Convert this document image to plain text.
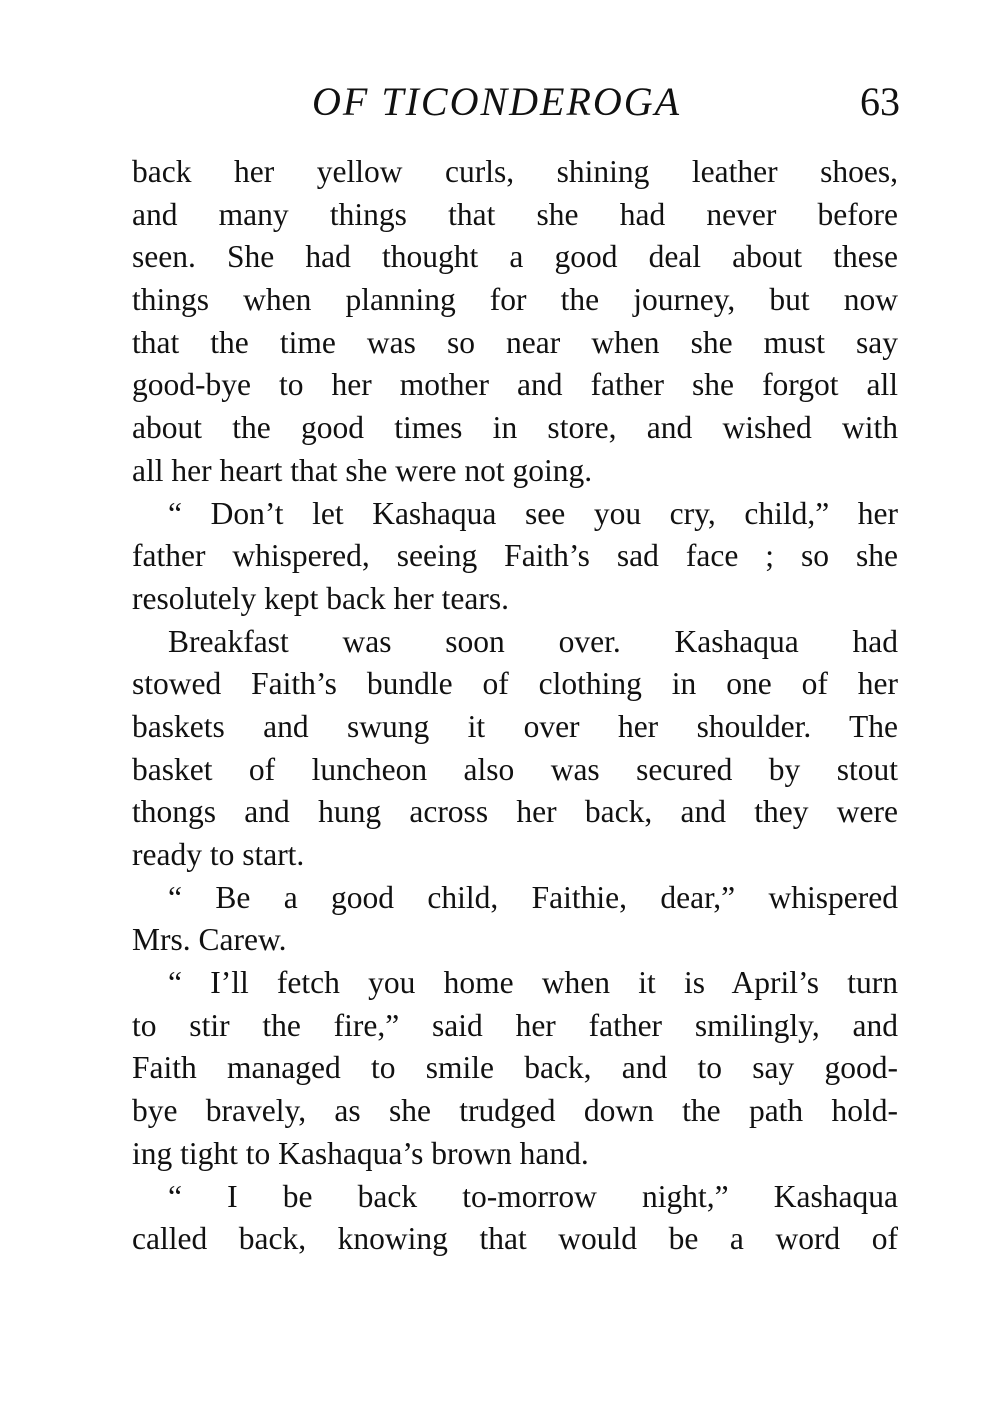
OF TICONDEROGA	63
back her yellow curls, shining leather shoes,
and many things that she had never before
seen. She had thought a good deal about these
things when planning for the journey, but now
that the time was so near when she must say
good-bye to her mother and father she forgot all
about the good times in store, and wished with
all her heart that she were not going.
“ Don’t let Kashaqua see you cry, child,” her
father whispered, seeing Faith’s sad face ; so she
resolutely kept back her tears.
Breakfast was soon over. Kashaqua had
stowed Faith’s bundle of clothing in one of her
baskets and swung it over her shoulder. The
basket of luncheon also was secured by stout
thongs and hung across her back, and they were
ready to start.
“ Be a good child, Faithie, dear,” whispered
Mrs. Carew.
“ I’ll fetch you home when it is April’s turn
to stir the fire,” said her father smilingly, and
Faith managed to smile back, and to say good-
bye bravely, as she trudged down the path hold-
ing tight to Kashaqua’s brown hand.
“ I be back to-morrow night,” Kashaqua
called back, knowing that would be a word of
